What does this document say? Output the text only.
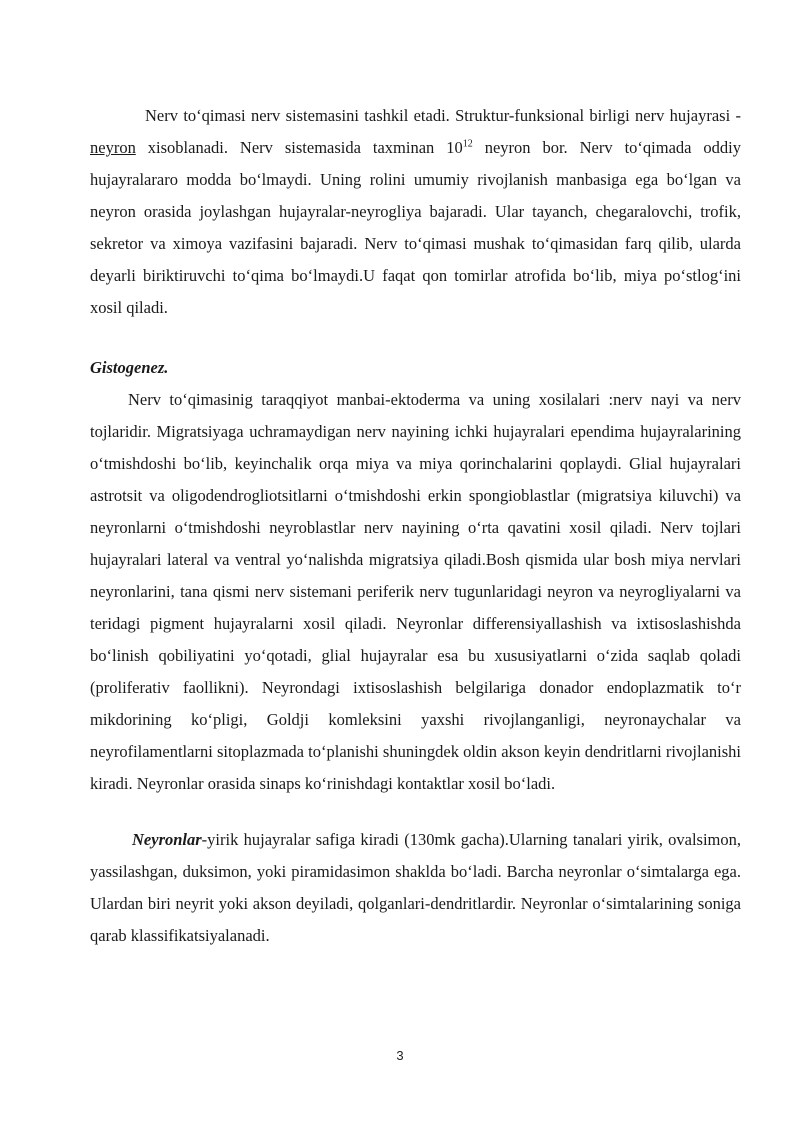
Nerv to‘qimasi nerv sistemasini tashkil etadi. Struktur-funksional birligi nerv hujayrasi - neyron xisoblanadi. Nerv sistemasida taxminan $10^{12}$ neyron bor. Nerv to‘qimada oddiy hujayralararo modda bo‘lmaydi. Uning rolini umumiy rivojlanish manbasiga ega bo‘lgan va neyron orasida joylashgan hujayralar-neyrogliya bajaradi. Ular tayanch, chegaralovchi, trofik, sekretor va ximoya vazifasini bajaradi. Nerv to‘qimasi mushak to‘qimasidan farq qilib, ularda deyarli biriktiruvchi to‘qima bo‘lmaydi.U faqat qon tomirlar atrofida bo‘lib, miya po‘stlog‘ini xosil qiladi.

Gistogenez.

Nerv to‘qimasinig taraqqiyot manbai-ektoderma va uning xosilalari :nerv nayi va nerv tojlaridir. Migratsiyaga uchramaydigan nerv nayining ichki hujayralari ependima hujayralarining o‘tmishdoshi bo‘lib, keyinchalik orqa miya va miya qorinchalarini qoplaydi. Glial hujayralari astrotsit va oligodendrogliotsitlarni o‘tmishdoshi erkin spongioblastlar (migratsiya kiluvchi) va neyronlarni o‘tmishdoshi neyroblastlar nerv nayining o‘rta qavatini xosil qiladi. Nerv tojlari hujayralari lateral va ventral yo‘nalishda migratsiya qiladi.Bosh qismida ular bosh miya nervlari neyronlarini, tana qismi nerv sistemani periferik nerv tugunlaridagi neyron va neyrogliyalarni va teridagi pigment hujayralarni xosil qiladi. Neyronlar differensiyallashish va ixtisoslashishda bo‘linish qobiliyatini yo‘qotadi, glial hujayralar esa bu xususiyatlarni o‘zida saqlab qoladi (proliferativ faollikni). Neyrondagi ixtisoslashish belgilariga donador endoplazmatik to‘r mikdorining ko‘pligi, Goldji komleksini yaxshi rivojlanganligi, neyronaychalar va neyrofilamentlarni sitoplazmada to‘planishi shuningdek oldin akson keyin dendritlarni rivojlanishi kiradi. Neyronlar orasida sinaps ko‘rinishdagi kontaktlar xosil bo‘ladi.

Neyronlar-yirik hujayralar safiga kiradi (130mk gacha).Ularning tanalari yirik, ovalsimon, yassilashgan, duksimon, yoki piramidasimon shaklda bo‘ladi. Barcha neyronlar o‘simtalarga ega. Ulardan biri neyrit yoki akson deyiladi, qolganlari-dendritlardir. Neyronlar o‘simtalarining soniga qarab klassifikatsiyalanadi.

3
